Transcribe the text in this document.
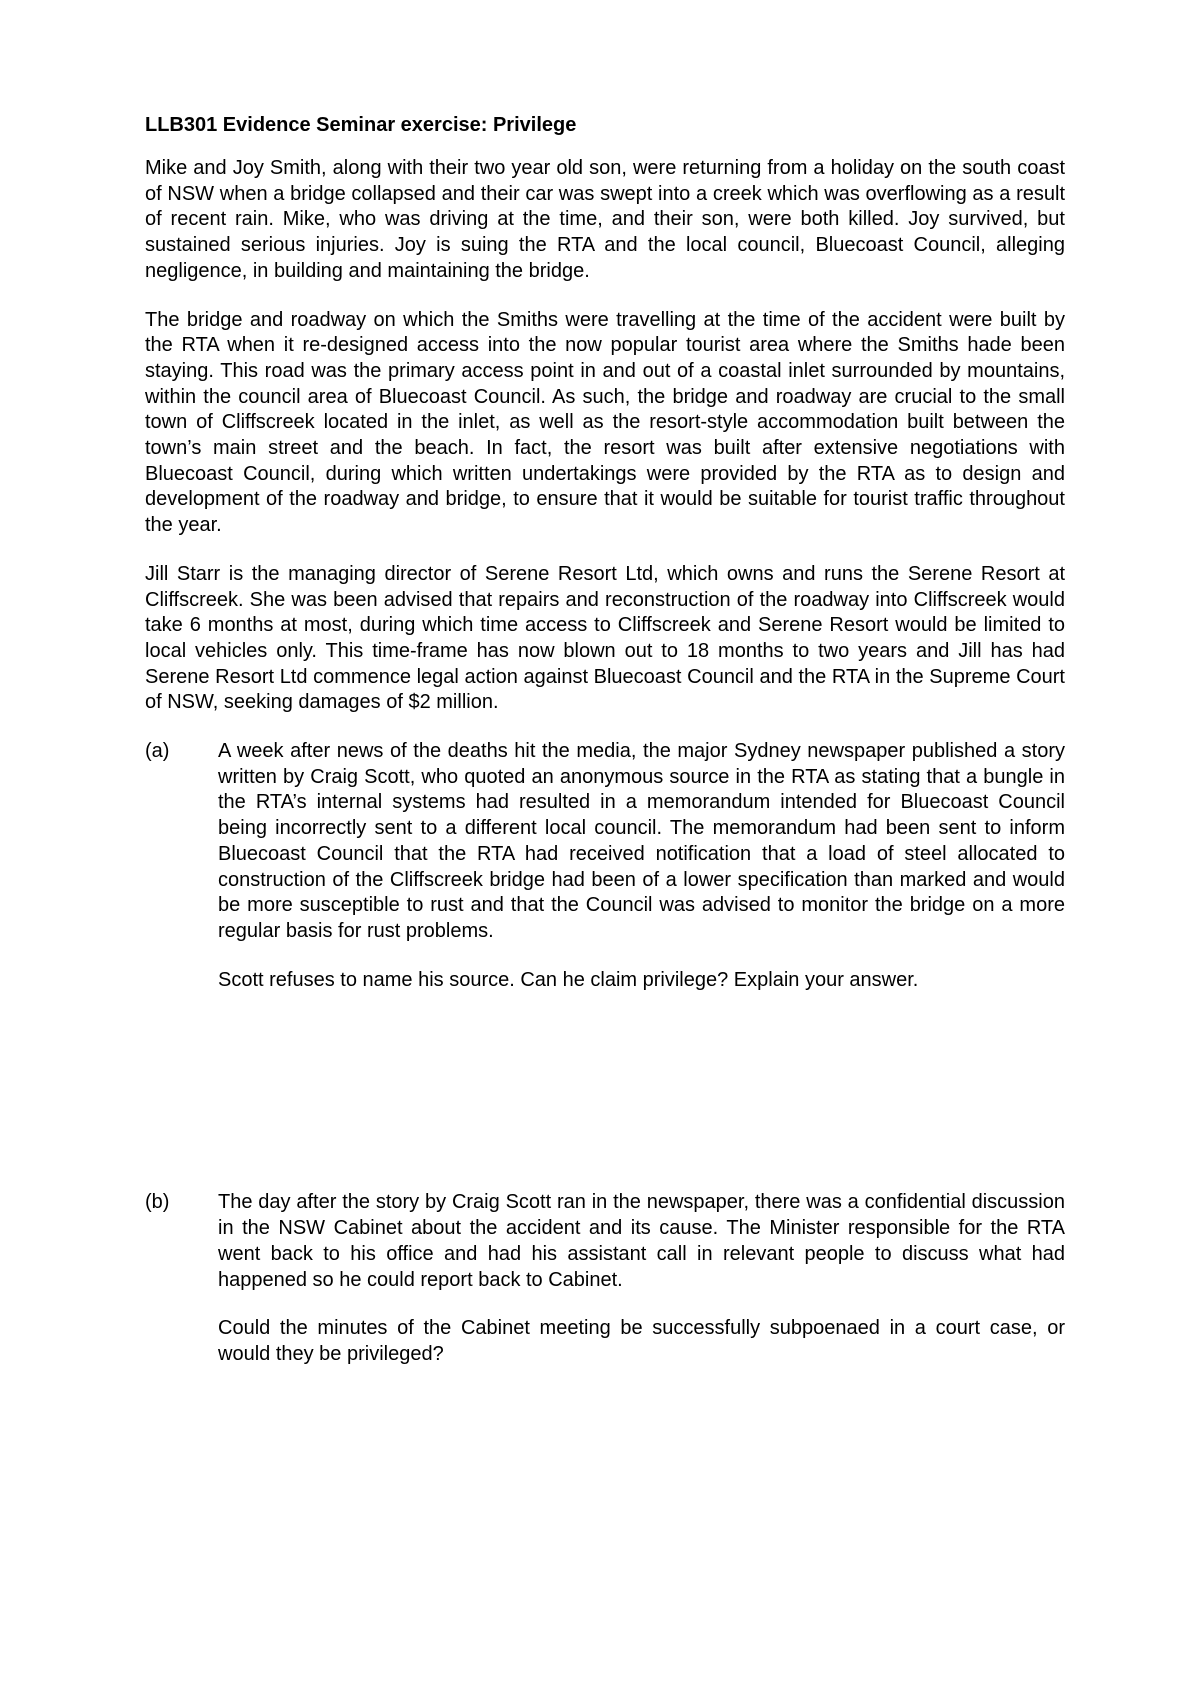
LLB301 Evidence Seminar exercise: Privilege

Mike and Joy Smith, along with their two year old son, were returning from a holiday on the south coast of NSW when a bridge collapsed and their car was swept into a creek which was overflowing as a result of recent rain. Mike, who was driving at the time, and their son, were both killed. Joy survived, but sustained serious injuries. Joy is suing the RTA and the local council, Bluecoast Council, alleging negligence, in building and maintaining the bridge.

The bridge and roadway on which the Smiths were travelling at the time of the accident were built by the RTA when it re-designed access into the now popular tourist area where the Smiths hade been staying. This road was the primary access point in and out of a coastal inlet surrounded by mountains, within the council area of Bluecoast Council. As such, the bridge and roadway are crucial to the small town of Cliffscreek located in the inlet, as well as the resort-style accommodation built between the town’s main street and the beach. In fact, the resort was built after extensive negotiations with Bluecoast Council, during which written undertakings were provided by the RTA as to design and development of the roadway and bridge, to ensure that it would be suitable for tourist traffic throughout the year.

Jill Starr is the managing director of Serene Resort Ltd, which owns and runs the Serene Resort at Cliffscreek. She was been advised that repairs and reconstruction of the roadway into Cliffscreek would take 6 months at most, during which time access to Cliffscreek and Serene Resort would be limited to local vehicles only. This time-frame has now blown out to 18 months to two years and Jill has had Serene Resort Ltd commence legal action against Bluecoast Council and the RTA in the Supreme Court of NSW, seeking damages of $2 million.

(a) A week after news of the deaths hit the media, the major Sydney newspaper published a story written by Craig Scott, who quoted an anonymous source in the RTA as stating that a bungle in the RTA’s internal systems had resulted in a memorandum intended for Bluecoast Council being incorrectly sent to a different local council. The memorandum had been sent to inform Bluecoast Council that the RTA had received notification that a load of steel allocated to construction of the Cliffscreek bridge had been of a lower specification than marked and would be more susceptible to rust and that the Council was advised to monitor the bridge on a more regular basis for rust problems.

Scott refuses to name his source. Can he claim privilege? Explain your answer.

(b) The day after the story by Craig Scott ran in the newspaper, there was a confidential discussion in the NSW Cabinet about the accident and its cause. The Minister responsible for the RTA went back to his office and had his assistant call in relevant people to discuss what had happened so he could report back to Cabinet.

Could the minutes of the Cabinet meeting be successfully subpoenaed in a court case, or would they be privileged?
